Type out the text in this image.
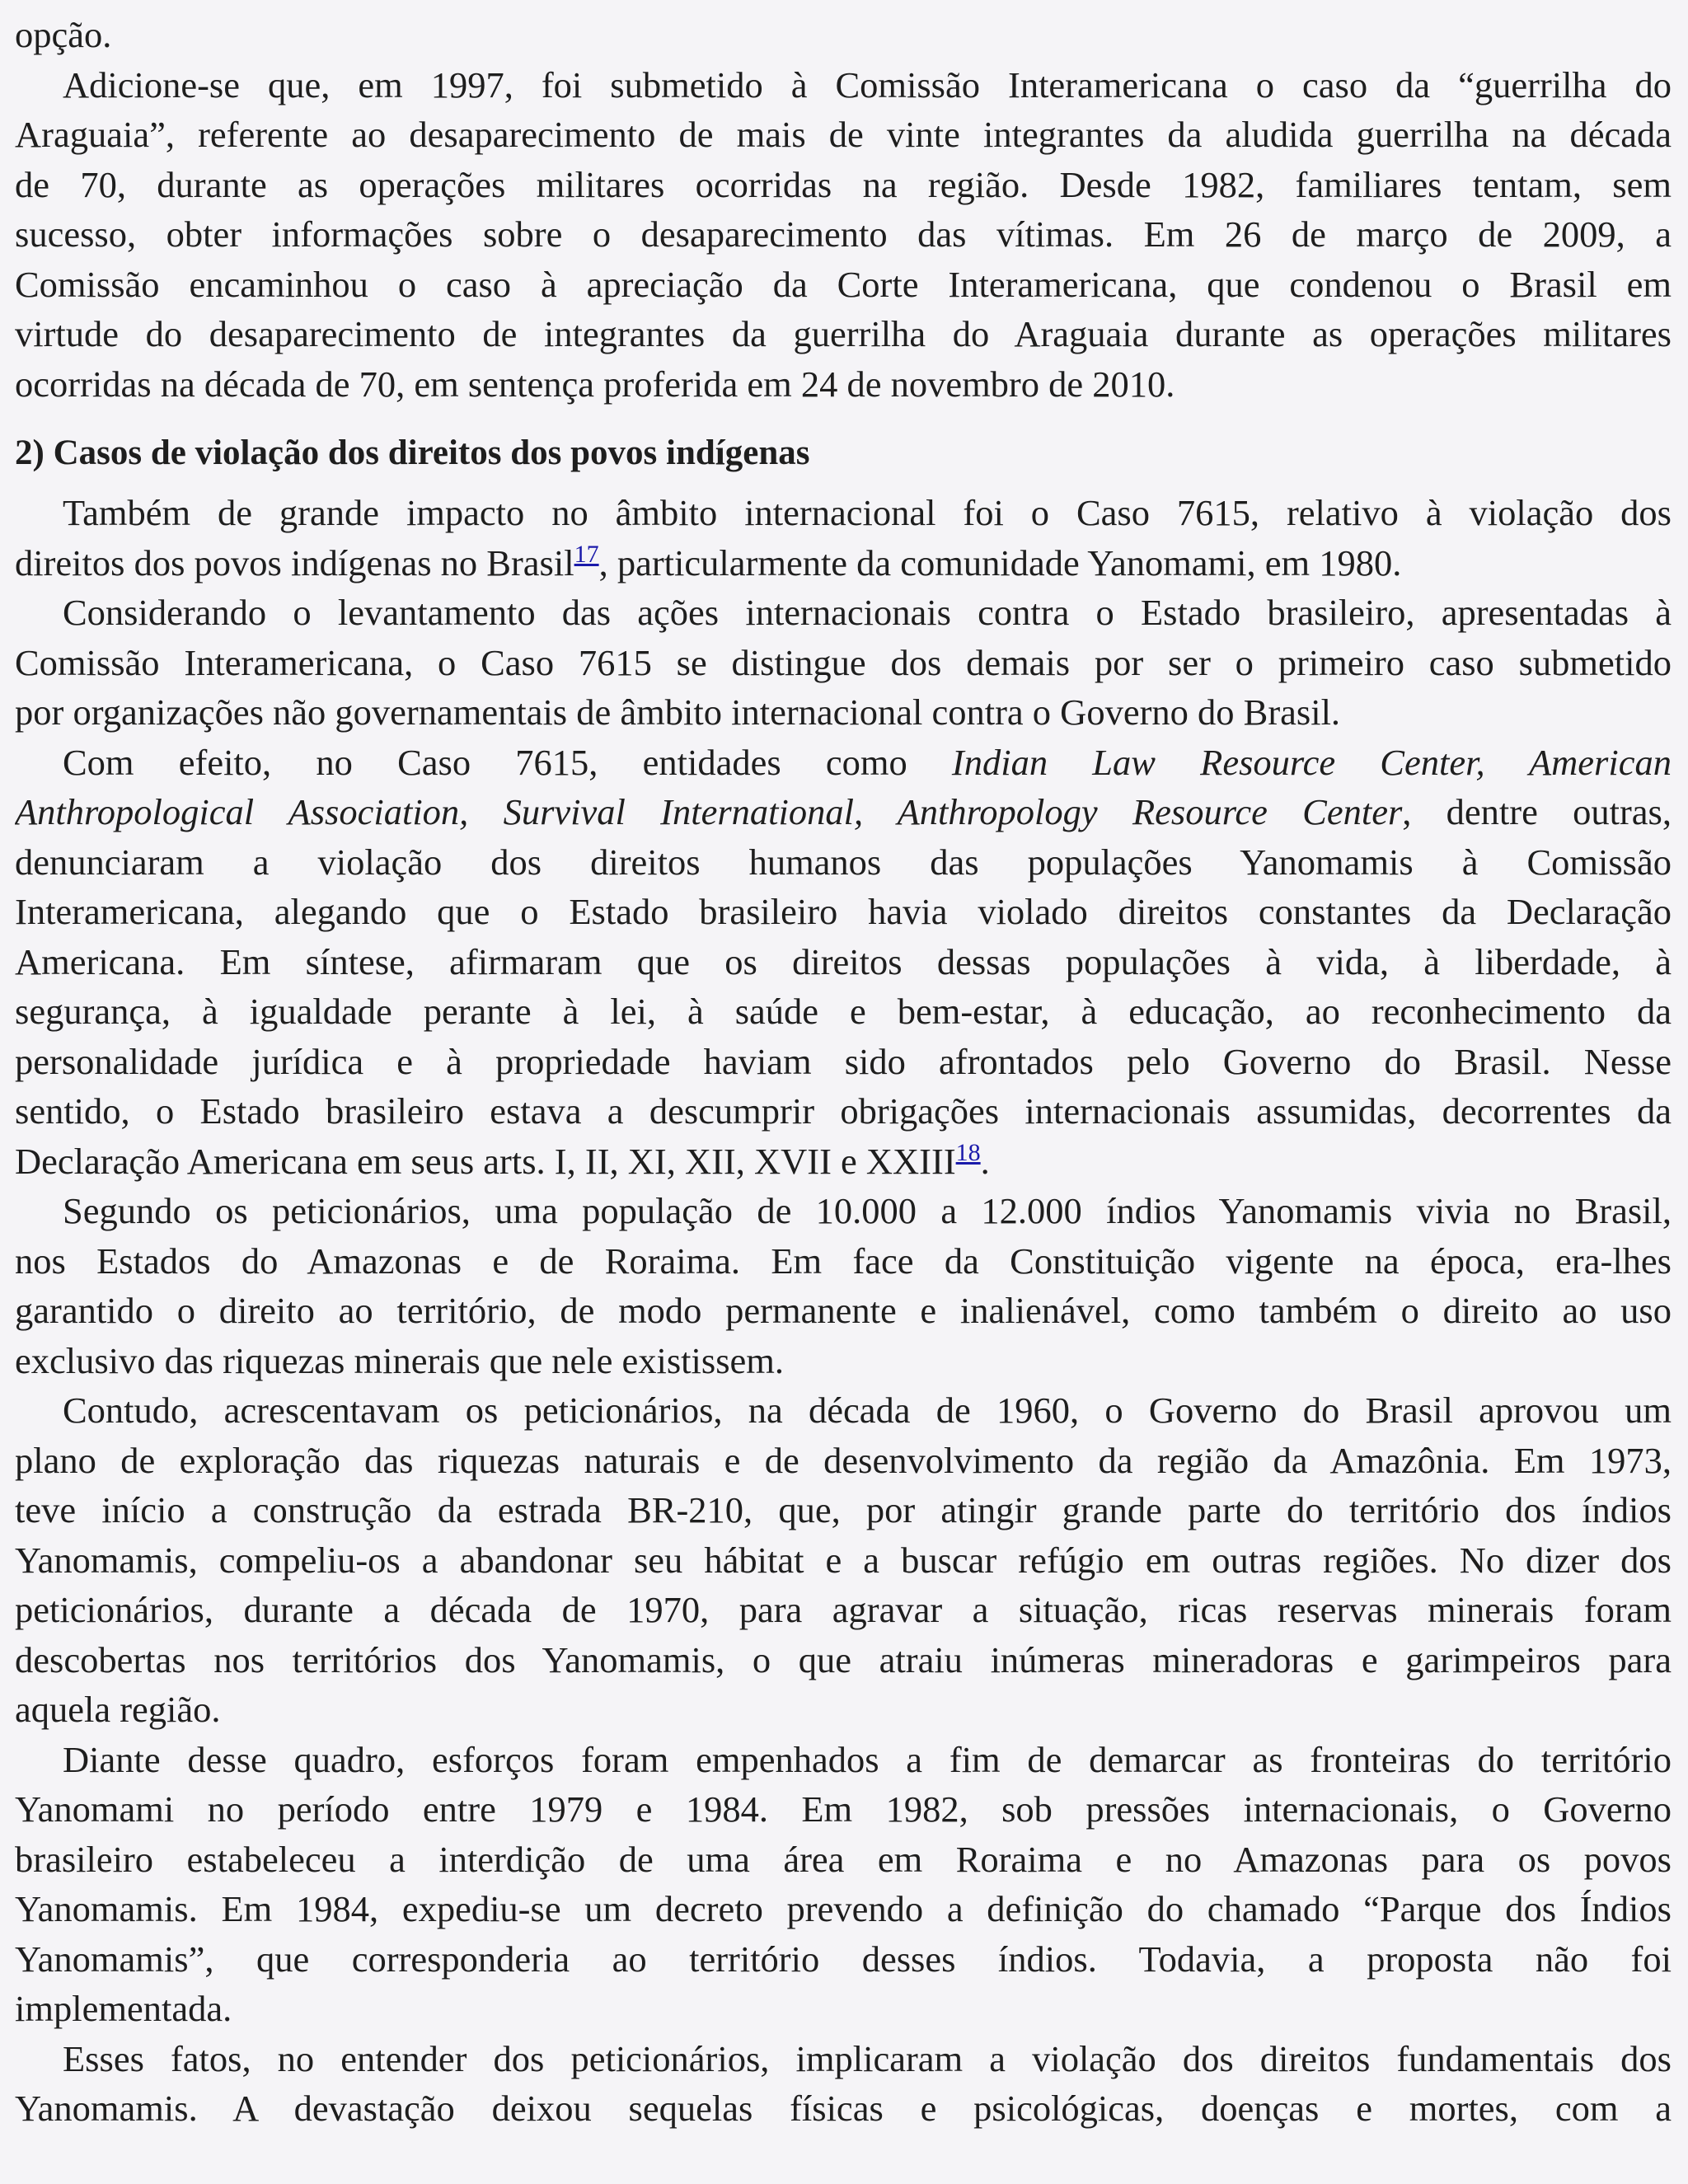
opção.
Adicione-se que, em 1997, foi submetido à Comissão Interamericana o caso da “guerrilha do
Araguaia”, referente ao desaparecimento de mais de vinte integrantes da aludida guerrilha na década
de 70, durante as operações militares ocorridas na região. Desde 1982, familiares tentam, sem
sucesso, obter informações sobre o desaparecimento das vítimas. Em 26 de março de 2009, a
Comissão encaminhou o caso à apreciação da Corte Interamericana, que condenou o Brasil em
virtude do desaparecimento de integrantes da guerrilha do Araguaia durante as operações militares
ocorridas na década de 70, em sentença proferida em 24 de novembro de 2010.
2) Casos de violação dos direitos dos povos indígenas
Também de grande impacto no âmbito internacional foi o Caso 7615, relativo à violação dos
direitos dos povos indígenas no Brasil$^{17}$, particularmente da comunidade Yanomami, em 1980.
Considerando o levantamento das ações internacionais contra o Estado brasileiro, apresentadas à
Comissão Interamericana, o Caso 7615 se distingue dos demais por ser o primeiro caso submetido
por organizações não governamentais de âmbito internacional contra o Governo do Brasil.
Com efeito, no Caso 7615, entidades como Indian Law Resource Center, American
Anthropological Association, Survival International, Anthropology Resource Center, dentre outras,
denunciaram a violação dos direitos humanos das populações Yanomamis à Comissão
Interamericana, alegando que o Estado brasileiro havia violado direitos constantes da Declaração
Americana. Em síntese, afirmaram que os direitos dessas populações à vida, à liberdade, à
segurança, à igualdade perante à lei, à saúde e bem-estar, à educação, ao reconhecimento da
personalidade jurídica e à propriedade haviam sido afrontados pelo Governo do Brasil. Nesse
sentido, o Estado brasileiro estava a descumprir obrigações internacionais assumidas, decorrentes da
Declaração Americana em seus arts. I, II, XI, XII, XVII e XXIII$^{18}$.
Segundo os peticionários, uma população de 10.000 a 12.000 índios Yanomamis vivia no Brasil,
nos Estados do Amazonas e de Roraima. Em face da Constituição vigente na época, era-lhes
garantido o direito ao território, de modo permanente e inalienável, como também o direito ao uso
exclusivo das riquezas minerais que nele existissem.
Contudo, acrescentavam os peticionários, na década de 1960, o Governo do Brasil aprovou um
plano de exploração das riquezas naturais e de desenvolvimento da região da Amazônia. Em 1973,
teve início a construção da estrada BR-210, que, por atingir grande parte do território dos índios
Yanomamis, compeliu-os a abandonar seu hábitat e a buscar refúgio em outras regiões. No dizer dos
peticionários, durante a década de 1970, para agravar a situação, ricas reservas minerais foram
descobertas nos territórios dos Yanomamis, o que atraiu inúmeras mineradoras e garimpeiros para
aquela região.
Diante desse quadro, esforços foram empenhados a fim de demarcar as fronteiras do território
Yanomami no período entre 1979 e 1984. Em 1982, sob pressões internacionais, o Governo
brasileiro estabeleceu a interdição de uma área em Roraima e no Amazonas para os povos
Yanomamis. Em 1984, expediu-se um decreto prevendo a definição do chamado “Parque dos Índios
Yanomamis”, que corresponderia ao território desses índios. Todavia, a proposta não foi
implementada.
Esses fatos, no entender dos peticionários, implicaram a violação dos direitos fundamentais dos
Yanomamis. A devastação deixou sequelas físicas e psicológicas, doenças e mortes, com a
